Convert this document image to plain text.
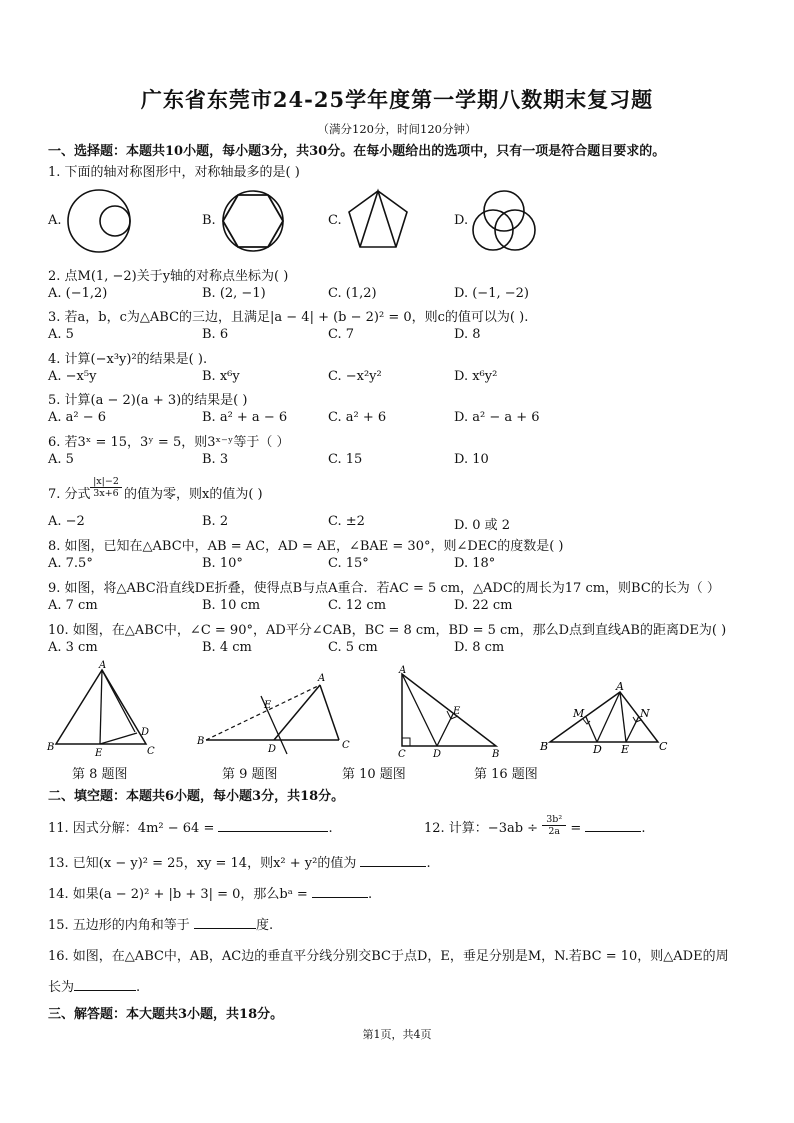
广东省东莞市24-25学年度第一学期八数期末复习题
（满分120分，时间120分钟）
一、选择题：本题共10小题，每小题3分，共30分。在每小题给出的选项中，只有一项是符合题目要求的。
1. 下面的轴对称图形中，对称轴最多的是( )
A.	B.	C.	D.
2. 点M(1, −2)关于y轴的对称点坐标为( )
A. (−1,2)	B. (2, −1)	C. (1,2)	D. (−1, −2)
3. 若a，b，c为△ABC的三边，且满足|a − 4| + (b − 2)² = 0，则c的值可以为( ).
A. 5	B. 6	C. 7	D. 8
4. 计算(−x³y)²的结果是( ).
A. −x⁵y	B. x⁶y	C. −x²y²	D. x⁶y²
5. 计算(a − 2)(a + 3)的结果是( )
A. a² − 6	B. a² + a − 6	C. a² + 6	D. a² − a + 6
6. 若3ˣ = 15，3ʸ = 5，则3ˣ⁻ʸ等于（ ）
A. 5	B. 3	C. 15	D. 10
7. 分式 $\frac{|x|-2}{3x+6}$ 的值为零，则x的值为( )
A. −2	B. 2	C. ±2	D. 0 或 2
8. 如图，已知在△ABC中，AB = AC，AD = AE，∠BAE = 30°，则∠DEC的度数是( )
A. 7.5°	B. 10°	C. 15°	D. 18°
9. 如图，将△ABC沿直线DE折叠，使得点B与点A重合．若AC = 5 cm，△ADC的周长为17 cm，则BC的长为（ ）
A. 7 cm	B. 10 cm	C. 12 cm	D. 22 cm
10. 如图，在△ABC中，∠C = 90°，AD平分∠CAB，BC = 8 cm，BD = 5 cm，那么D点到直线AB的距离DE为( )
A. 3 cm	B. 4 cm	C. 5 cm	D. 8 cm
A
B	C
D
E
A
B	C
D
E
A
C	D	B
E
A
M	N
B	D E	C
第 8 题图	第 9 题图	第 10 题图	第 16 题图
二、填空题：本题共6小题，每小题3分，共18分。
11. 因式分解：4m² − 64 =	.	12. 计算：$-3ab \div \frac{\text{3b²}}{2a}$ =	.
13. 已知(x − y)² = 25，xy = 14，则x² + y²的值为	.
14. 如果(a − 2)² + |b + 3| = 0，那么bᵃ =	.
15. 五边形的内角和等于	度.
16. 如图，在△ABC中，AB，AC边的垂直平分线分别交BC于点D，E，垂足分别是M，N.若BC = 10，则△ADE的周
长为	.
三、解答题：本大题共3小题，共18分。
第1页，共4页
